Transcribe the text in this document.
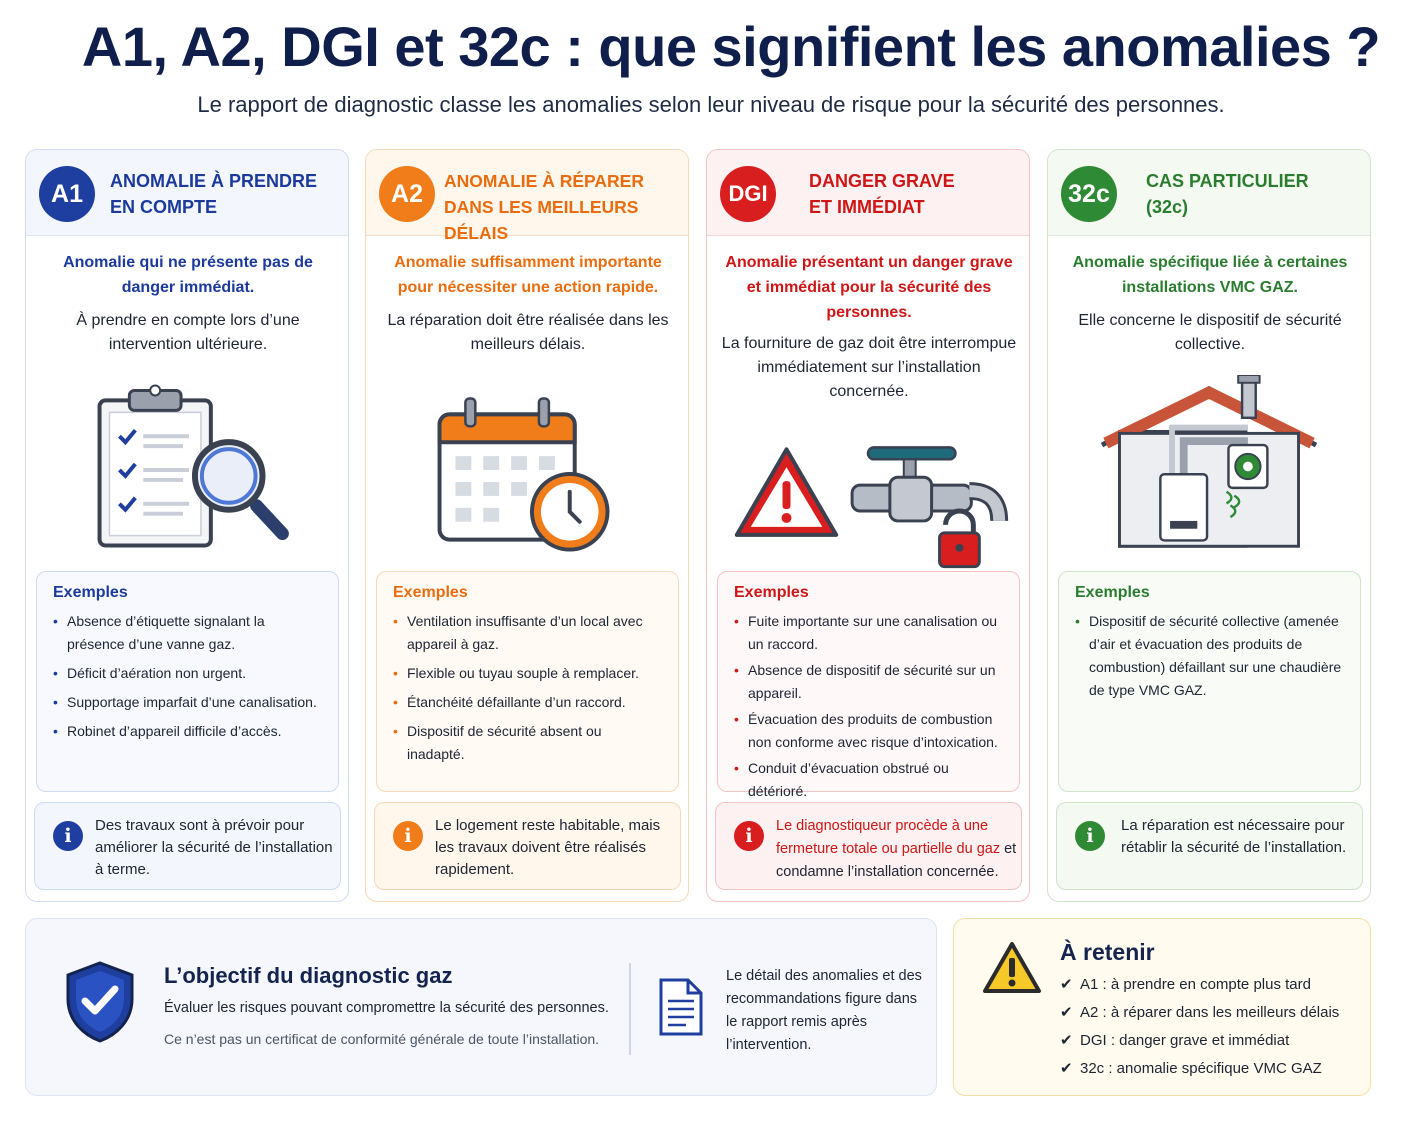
A1, A2, DGI et 32c : que signifient les anomalies ?
Le rapport de diagnostic classe les anomalies selon leur niveau de risque pour la sécurité des personnes.
A1	ANOMALIE À PRENDRE
EN COMPTE
Anomalie qui ne présente pas de danger immédiat.
À prendre en compte lors d’une intervention ultérieure.
Exemples
• Absence d’étiquette signalant la présence d’une vanne gaz.
• Déficit d’aération non urgent.
• Supportage imparfait d’une canalisation.
• Robinet d’appareil difficile d’accès.
i	Des travaux sont à prévoir pour améliorer la sécurité de l’installation à terme.
A2	ANOMALIE À RÉPARER
DANS LES MEILLEURS DÉLAIS
Anomalie suffisamment importante pour nécessiter une action rapide.
La réparation doit être réalisée dans les meilleurs délais.
Exemples
• Ventilation insuffisante d’un local avec appareil à gaz.
• Flexible ou tuyau souple à remplacer.
• Étanchéité défaillante d’un raccord.
• Dispositif de sécurité absent ou inadapté.
i	Le logement reste habitable, mais les travaux doivent être réalisés rapidement.
DGI	DANGER GRAVE
ET IMMÉDIAT
Anomalie présentant un danger grave et immédiat pour la sécurité des personnes.
La fourniture de gaz doit être interrompue immédiatement sur l’installation concernée.
Exemples
• Fuite importante sur une canalisation ou un raccord.
• Absence de dispositif de sécurité sur un appareil.
• Évacuation des produits de combustion non conforme avec risque d’intoxication.
• Conduit d’évacuation obstrué ou détérioré.
i	Le diagnostiqueur procède à une fermeture totale ou partielle du gaz et condamne l’installation concernée.
32c	CAS PARTICULIER
(32c)
Anomalie spécifique liée à certaines installations VMC GAZ.
Elle concerne le dispositif de sécurité collective.
Exemples
• Dispositif de sécurité collective (amenée d’air et évacuation des produits de combustion) défaillant sur une chaudière de type VMC GAZ.
i	La réparation est nécessaire pour rétablir la sécurité de l’installation.
L’objectif du diagnostic gaz
Évaluer les risques pouvant compromettre la sécurité des personnes.
Ce n’est pas un certificat de conformité générale de toute l’installation.
Le détail des anomalies et des recommandations figure dans le rapport remis après l’intervention.
À retenir
✔ A1 : à prendre en compte plus tard
✔ A2 : à réparer dans les meilleurs délais
✔ DGI : danger grave et immédiat
✔ 32c : anomalie spécifique VMC GAZ
